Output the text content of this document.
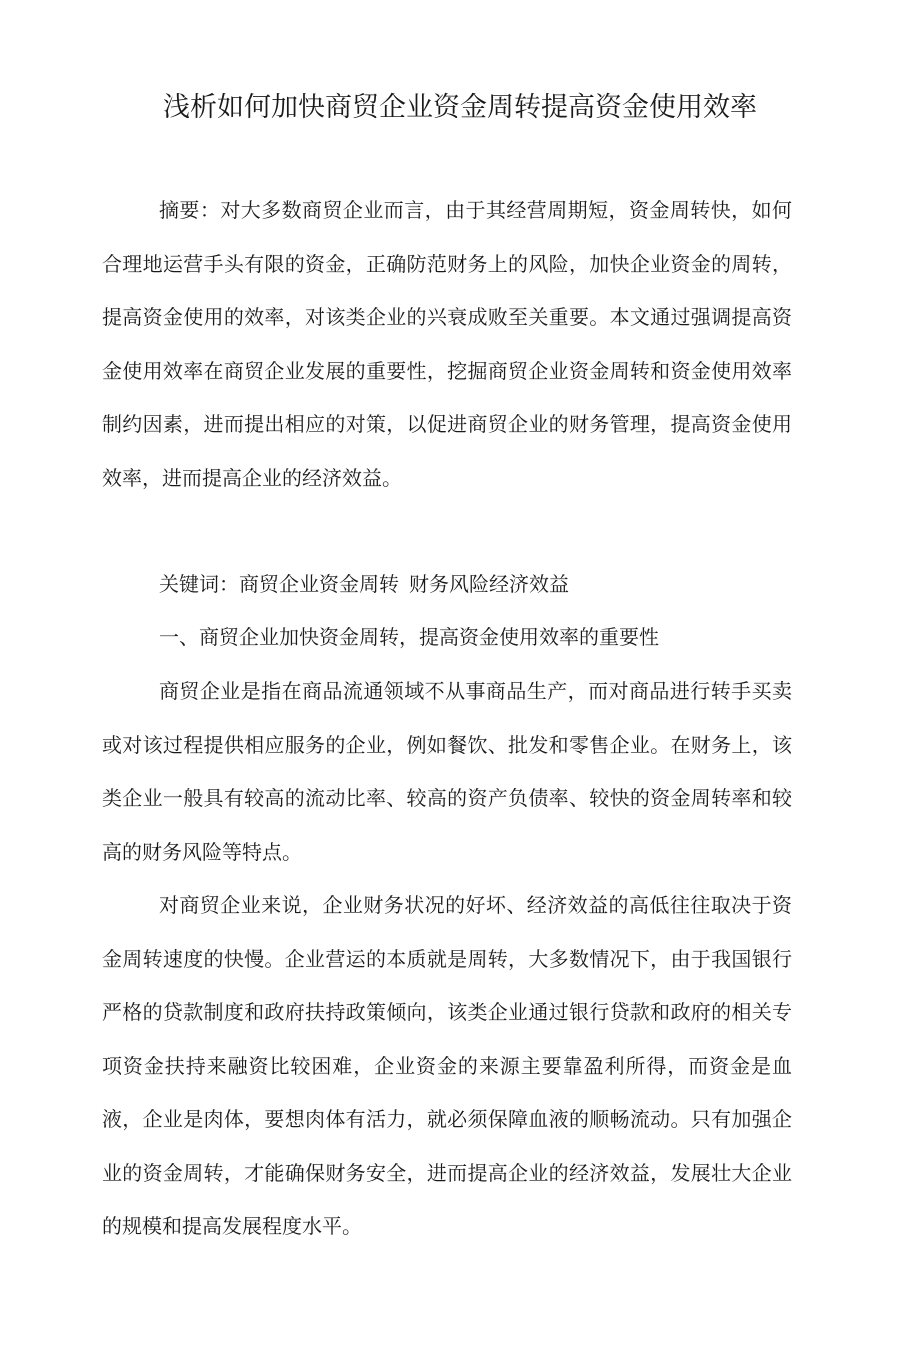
浅析如何加快商贸企业资金周转提高资金使用效率

摘要：对大多数商贸企业而言，由于其经营周期短，资金周转快，如何合理地运营手头有限的资金，正确防范财务上的风险，加快企业资金的周转，提高资金使用的效率，对该类企业的兴衰成败至关重要。本文通过强调提高资金使用效率在商贸企业发展的重要性，挖掘商贸企业资金周转和资金使用效率制约因素，进而提出相应的对策，以促进商贸企业的财务管理，提高资金使用效率，进而提高企业的经济效益。

关键词：商贸企业资金周转 财务风险经济效益

一、商贸企业加快资金周转，提高资金使用效率的重要性

商贸企业是指在商品流通领域不从事商品生产，而对商品进行转手买卖或对该过程提供相应服务的企业，例如餐饮、批发和零售企业。在财务上，该类企业一般具有较高的流动比率、较高的资产负债率、较快的资金周转率和较高的财务风险等特点。

对商贸企业来说，企业财务状况的好坏、经济效益的高低往往取决于资金周转速度的快慢。企业营运的本质就是周转，大多数情况下，由于我国银行严格的贷款制度和政府扶持政策倾向，该类企业通过银行贷款和政府的相关专项资金扶持来融资比较困难，企业资金的来源主要靠盈利所得，而资金是血液，企业是肉体，要想肉体有活力，就必须保障血液的顺畅流动。只有加强企业的资金周转，才能确保财务安全，进而提高企业的经济效益，发展壮大企业的规模和提高发展程度水平。
